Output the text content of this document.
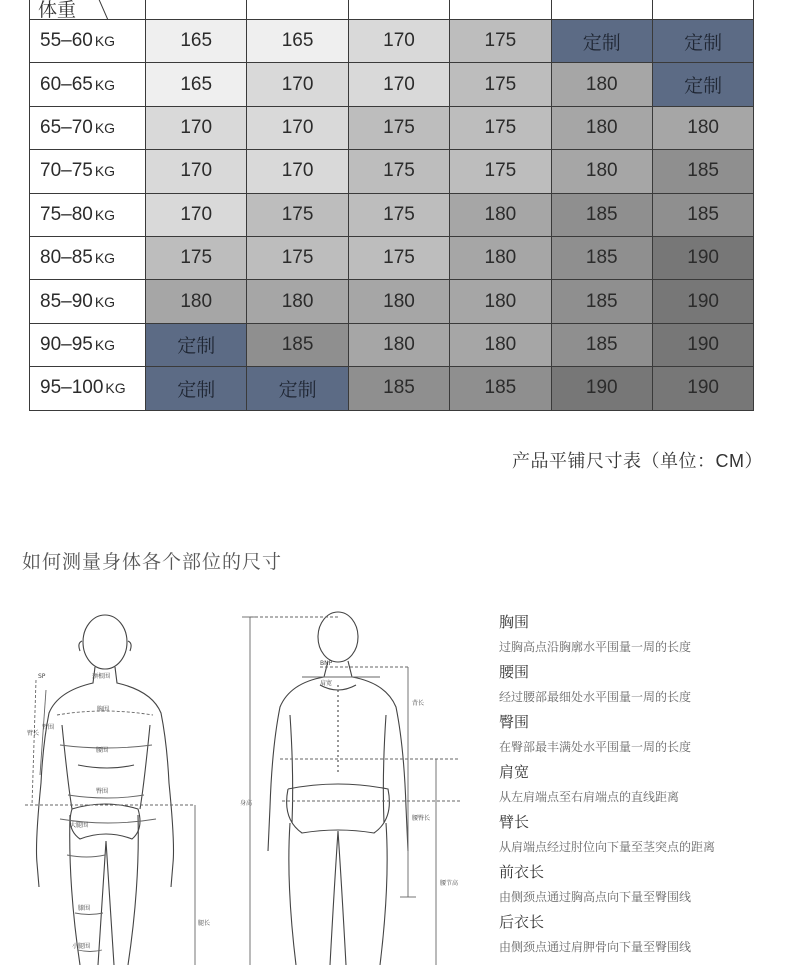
体重

55–60 KG	165	165	170	175	定制	定制
60–65 KG	165	170	170	175	180	定制
65–70 KG	170	170	175	175	180	180
70–75 KG	170	170	175	175	180	185
75–80 KG	170	175	175	180	185	185
80–85 KG	175	175	175	180	185	190
85–90 KG	180	180	180	180	185	190
90–95 KG	定制	185	180	180	185	190
95–100 KG	定制	定制	185	185	190	190
产品平铺尺寸表（单位：CM）
如何测量身体各个部位的尺寸
SP	颈根围
胸围
臂围
臂长
腰围
臀围
大腿围
膝围
小腿围
腿长
BNP
肩宽
背长
身高
腰臀长
腰节高
胸围
过胸高点沿胸廓水平围量一周的长度
腰围
经过腰部最细处水平围量一周的长度
臀围
在臀部最丰满处水平围量一周的长度
肩宽
从左肩端点至右肩端点的直线距离
臂长
从肩端点经过肘位向下量至茎突点的距离
前衣长
由侧颈点通过胸高点向下量至臀围线
后衣长
由侧颈点通过肩胛骨向下量至臀围线
